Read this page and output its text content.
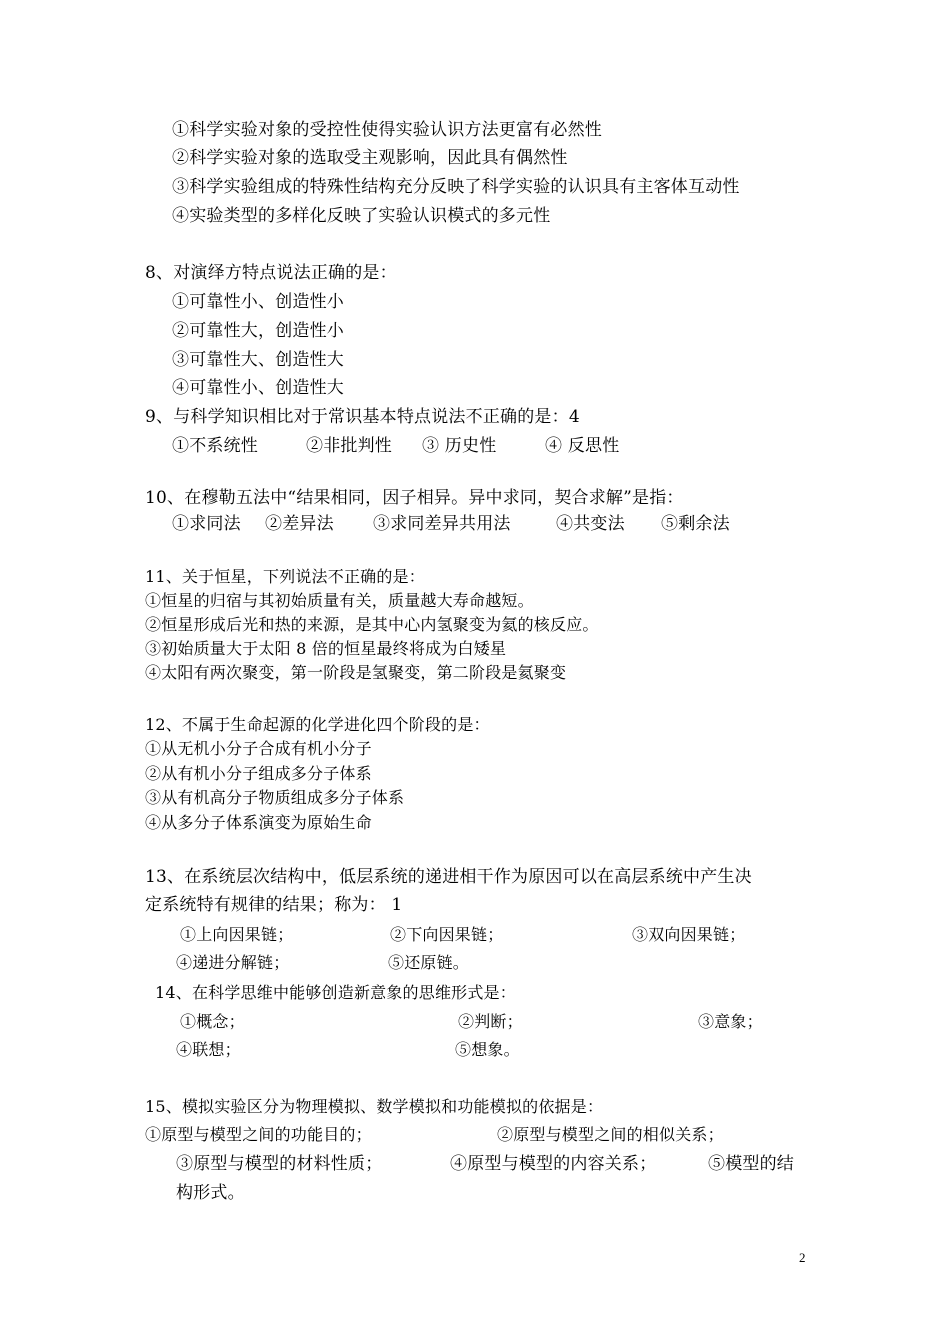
①科学实验对象的受控性使得实验认识方法更富有必然性
②科学实验对象的选取受主观影响，因此具有偶然性
③科学实验组成的特殊性结构充分反映了科学实验的认识具有主客体互动性
④实验类型的多样化反映了实验认识模式的多元性
8、对演绎方特点说法正确的是：
①可靠性小、创造性小
②可靠性大，创造性小
③可靠性大、创造性大
④可靠性小、创造性大
9、与科学知识相比对于常识基本特点说法不正确的是：4
①不系统性	②非批判性 ③ 历史性	④ 反思性
10、在穆勒五法中“结果相同，因子相异。异中求同，契合求解”是指：
①求同法 ②差异法 ③求同差异共用法	④共变法 ⑤剩余法
11、关于恒星，下列说法不正确的是：
①恒星的归宿与其初始质量有关，质量越大寿命越短。
②恒星形成后光和热的来源，是其中心内氢聚变为氦的核反应。
③初始质量大于太阳 8 倍的恒星最终将成为白矮星
④太阳有两次聚变，第一阶段是氢聚变，第二阶段是氦聚变
12、不属于生命起源的化学进化四个阶段的是：
①从无机小分子合成有机小分子
②从有机小分子组成多分子体系
③从有机高分子物质组成多分子体系
④从多分子体系演变为原始生命
13、在系统层次结构中，低层系统的递进相干作为原因可以在高层系统中产生决
定系统特有规律的结果；称为： 1
①上向因果链；	②下向因果链；	③双向因果链；
④递进分解链；	⑤还原链。
14、在科学思维中能够创造新意象的思维形式是：
①概念；	②判断；	③意象；
④联想；	⑤想象。
15、模拟实验区分为物理模拟、数学模拟和功能模拟的依据是：
①原型与模型之间的功能目的；	②原型与模型之间的相似关系；
③原型与模型的材料性质；	④原型与模型的内容关系；	⑤模型的结
构形式。
2
